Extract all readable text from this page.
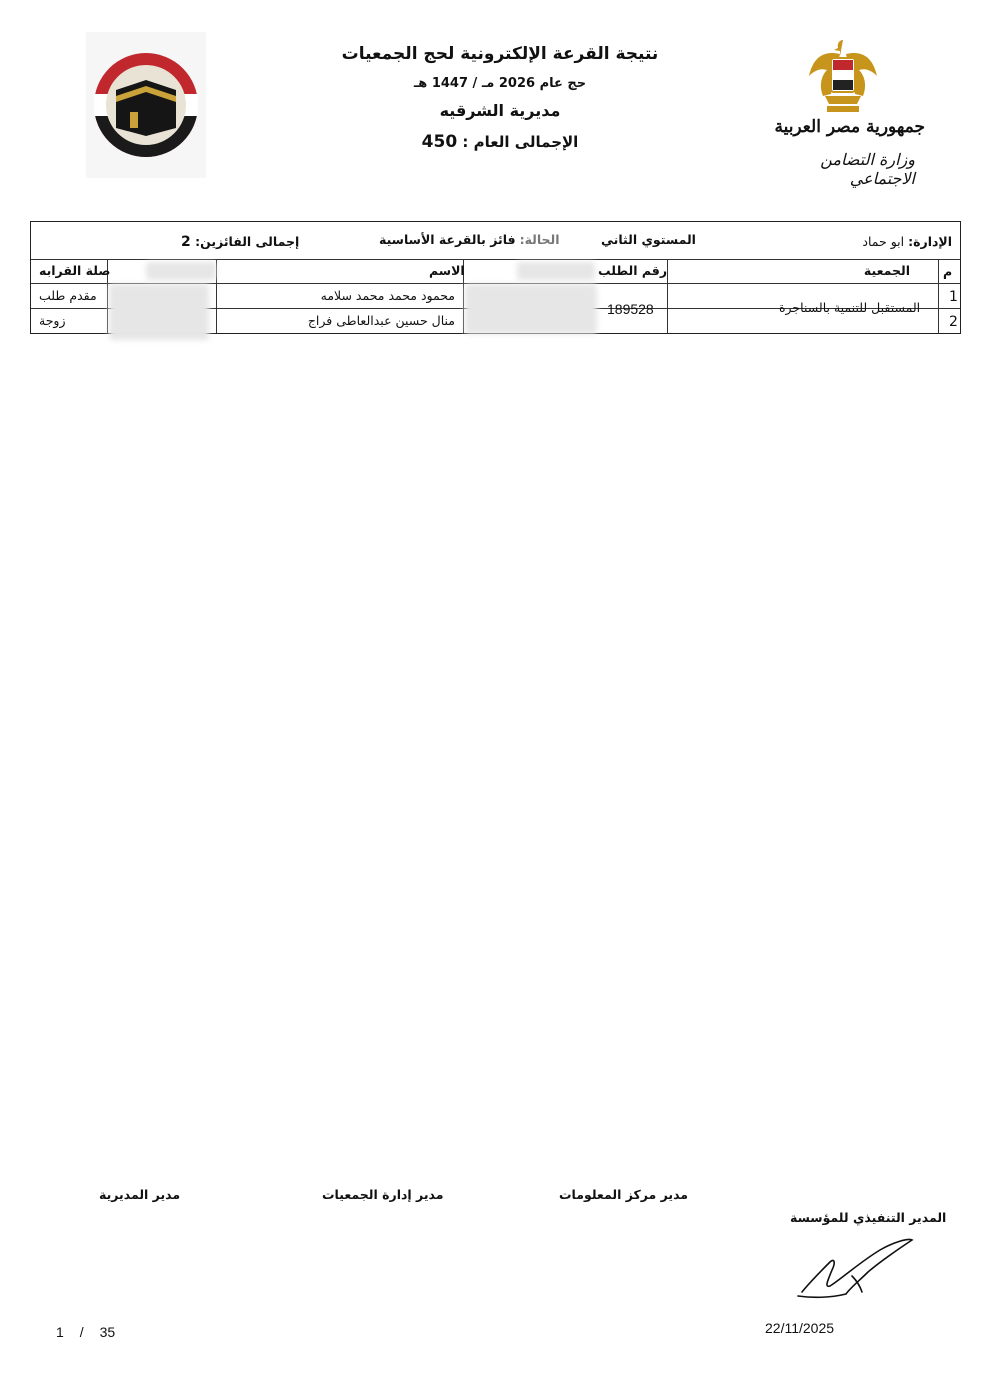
نتيجة القرعة الإلكترونية لحج الجمعيات
حج عام 2026 مـ / 1447 هـ
مديرية الشرقيه
الإجمالى العام : 450
جمهورية مصر العربية
وزارة التضامن الاجتماعي
الإدارة: ابو حماد
المستوي الثاني
الحالة: فائز بالقرعة الأساسية
إجمالى الفائزين: 2
م
الجمعية
رقم الطلب
الاسم
صلة القرابه
المستقبل للتنمية بالسناجرة
189528
1
محمود محمد محمد سلامه
مقدم طلب
2
منال حسين عبدالعاطى فراج
زوجة
مدير المديرية	مدير إدارة الجمعيات	مدير مركز المعلومات
المدير التنفيذي للمؤسسة
22/11/2025
1 / 35
